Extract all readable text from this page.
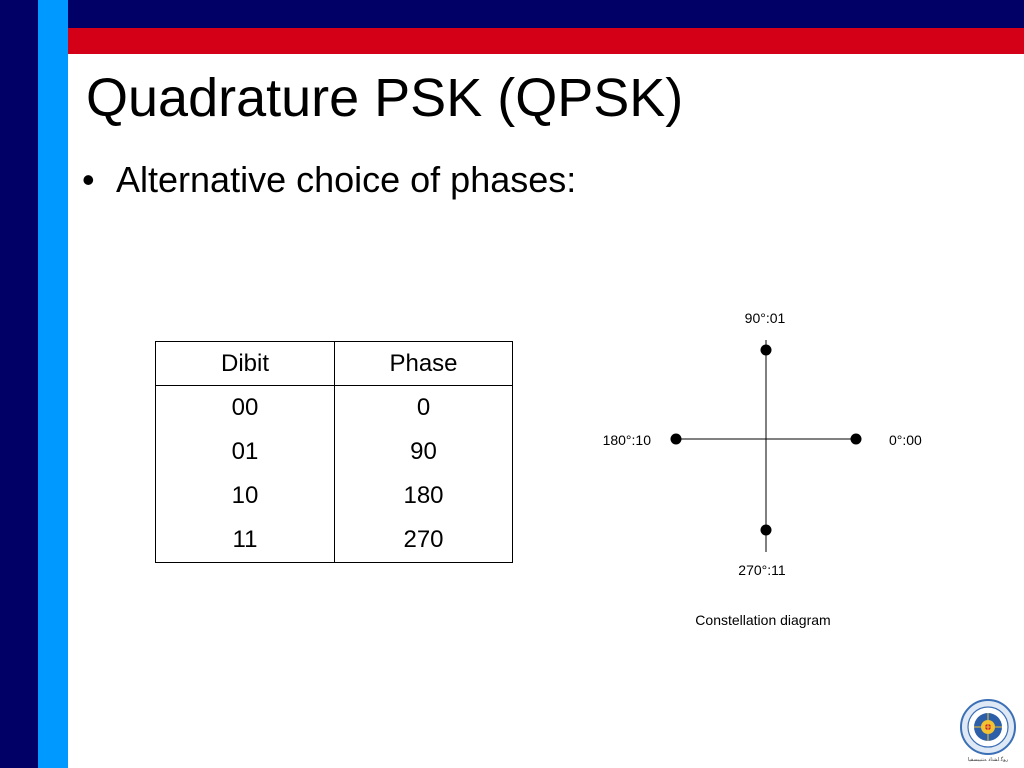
Quadrature PSK (QPSK)
• Alternative choice of phases:
Dibit	Phase
00	0
01	90
10	180
11	270
90°:01
180°:10	0°:00
270°:11
Constellation diagram
ﺭﻮﮔ ﺎﺸﻧاﺩ ﻪﺘﻨﻴﺒﺴﻘﻴﺎ
